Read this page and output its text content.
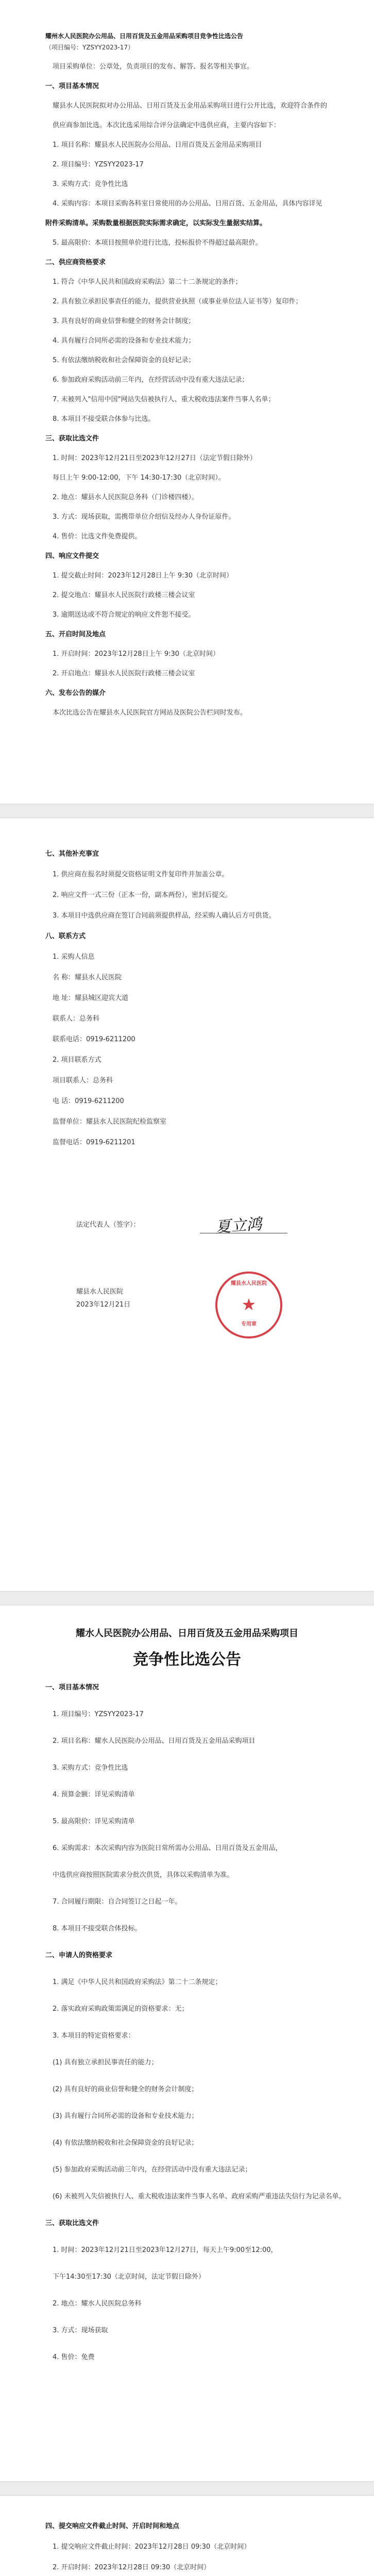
耀州水人民医院办公用品、日用百货及五金用品采购项目竞争性比选公告
（项目编号：YZSYY2023-17）
项目采购单位：公章处，负责项目的发布、解答、报名等相关事宜。
一、项目基本情况
耀县水人民医院拟对办公用品、日用百货及五金用品采购项目进行公开比选，欢迎符合条件的
供应商参加比选。本次比选采用综合评分法确定中选供应商，主要内容如下：
1. 项目名称：耀县水人民医院办公用品、日用百货及五金用品采购项目
2. 项目编号：YZSYY2023-17
3. 采购方式：竞争性比选
4. 采购内容：本项目采购各科室日常使用的办公用品、日用百货、五金用品，具体内容详见
附件采购清单。采购数量根据医院实际需求确定，以实际发生量据实结算。
5. 最高限价：本项目按照单价进行比选，投标报价不得超过最高限价。
二、供应商资格要求
1. 符合《中华人民共和国政府采购法》第二十二条规定的条件；
2. 具有独立承担民事责任的能力，提供营业执照（或事业单位法人证书等）复印件；
3. 具有良好的商业信誉和健全的财务会计制度；
4. 具有履行合同所必需的设备和专业技术能力；
5. 有依法缴纳税收和社会保障资金的良好记录；
6. 参加政府采购活动前三年内，在经营活动中没有重大违法记录；
7. 未被列入"信用中国"网站失信被执行人、重大税收违法案件当事人名单；
8. 本项目不接受联合体参与比选。
三、获取比选文件
1. 时间：2023年12月21日至2023年12月27日（法定节假日除外）
每日上午 9:00-12:00，下午 14:30-17:30（北京时间）。
2. 地点：耀县水人民医院总务科（门诊楼四楼）。
3. 方式：现场获取，需携带单位介绍信及经办人身份证原件。
4. 售价：比选文件免费提供。
四、响应文件提交
1. 提交截止时间：2023年12月28日上午 9:30（北京时间）
2. 提交地点：耀县水人民医院行政楼三楼会议室
3. 逾期送达或不符合规定的响应文件恕不接受。
五、开启时间及地点
1. 开启时间：2023年12月28日上午 9:30（北京时间）
2. 开启地点：耀县水人民医院行政楼三楼会议室
六、发布公告的媒介
本次比选公告在耀县水人民医院官方网站及医院公告栏同时发布。
七、其他补充事宜
1. 供应商在报名时须提交资格证明文件复印件并加盖公章。
2. 响应文件一式三份（正本一份，副本两份），密封后提交。
3. 本项目中选供应商在签订合同前须提供样品，经采购人确认后方可供货。
八、联系方式
1. 采购人信息
名 称：耀县水人民医院
地 址：耀县城区迎宾大道
联系人：总务科
联系电话：0919-6211200
2. 项目联系方式
项目联系人：总务科
电 话：0919-6211200
监督单位：耀县水人民医院纪检监察室
监督电话：0919-6211201
法定代表人（签字）：	夏立鸿
耀县水人民医院
★
专用章
耀县水人民医院
2023年12月21日
耀水人民医院办公用品、日用百货及五金用品采购项目
竞争性比选公告
一、项目基本情况
1. 项目编号：YZSYY2023-17
2. 项目名称：耀水人民医院办公用品、日用百货及五金用品采购项目
3. 采购方式：竞争性比选
4. 预算金额：详见采购清单
5. 最高限价：详见采购清单
6. 采购需求：本次采购内容为医院日常所需办公用品、日用百货及五金用品，
中选供应商按照医院需求分批次供货，具体以采购清单为准。
7. 合同履行期限：自合同签订之日起一年。
8. 本项目不接受联合体投标。
二、申请人的资格要求
1. 满足《中华人民共和国政府采购法》第二十二条规定；
2. 落实政府采购政策需满足的资格要求：无；
3. 本项目的特定资格要求：
(1) 具有独立承担民事责任的能力；
(2) 具有良好的商业信誉和健全的财务会计制度；
(3) 具有履行合同所必需的设备和专业技术能力；
(4) 有依法缴纳税收和社会保障资金的良好记录；
(5) 参加政府采购活动前三年内，在经营活动中没有重大违法记录；
(6) 未被列入失信被执行人、重大税收违法案件当事人名单、政府采购严重违法失信行为记录名单。
三、获取比选文件
1. 时间：2023年12月21日至2023年12月27日，每天上午9:00至12:00，
下午14:30至17:30（北京时间，法定节假日除外）
2. 地点：耀水人民医院总务科
3. 方式：现场获取
4. 售价：免费
四、提交响应文件截止时间、开启时间和地点
1. 提交响应文件截止时间：2023年12月28日 09:30（北京时间）
2. 开启时间：2023年12月28日 09:30（北京时间）
